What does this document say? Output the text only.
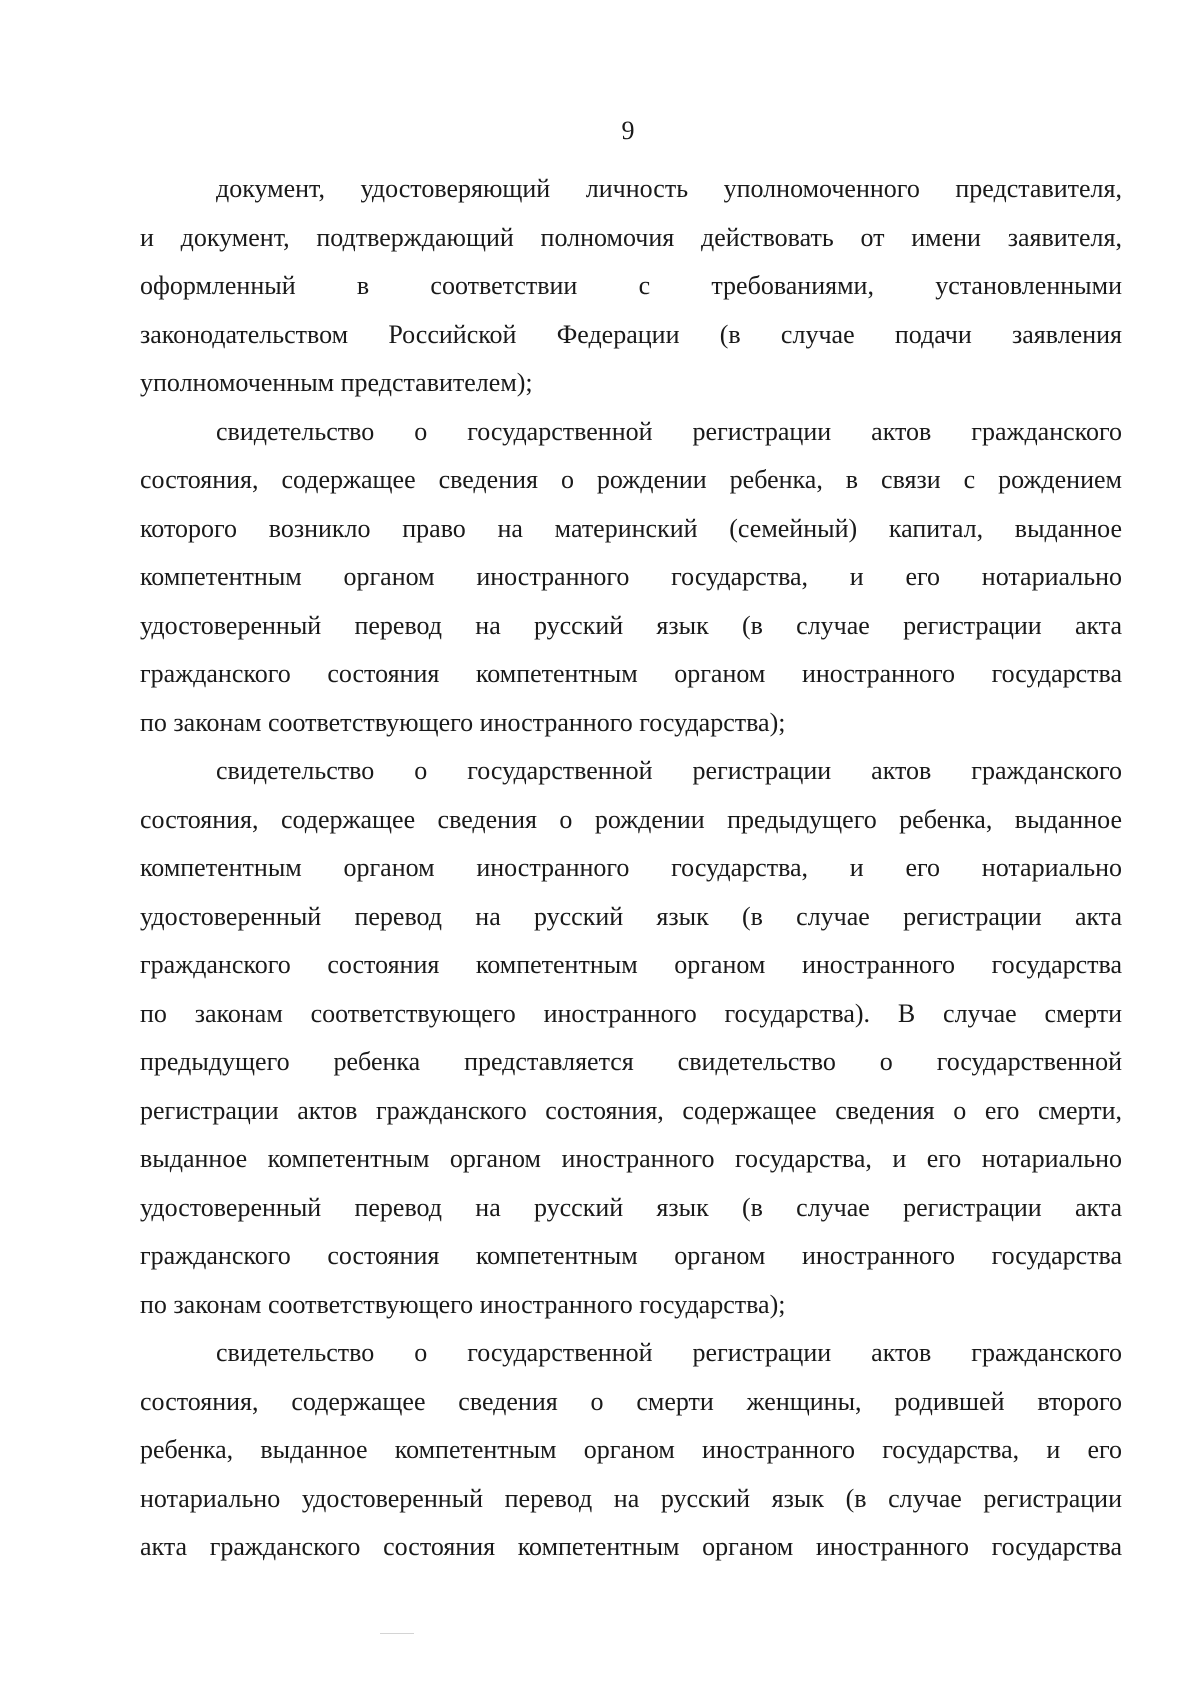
9
документ, удостоверяющий личность уполномоченного представителя,
и документ, подтверждающий полномочия действовать от имени заявителя,
оформленный в соответствии с требованиями, установленными
законодательством Российской Федерации (в случае подачи заявления
уполномоченным представителем);
свидетельство о государственной регистрации актов гражданского
состояния, содержащее сведения о рождении ребенка, в связи с рождением
которого возникло право на материнский (семейный) капитал, выданное
компетентным органом иностранного государства, и его нотариально
удостоверенный перевод на русский язык (в случае регистрации акта
гражданского состояния компетентным органом иностранного государства
по законам соответствующего иностранного государства);
свидетельство о государственной регистрации актов гражданского
состояния, содержащее сведения о рождении предыдущего ребенка, выданное
компетентным органом иностранного государства, и его нотариально
удостоверенный перевод на русский язык (в случае регистрации акта
гражданского состояния компетентным органом иностранного государства
по законам соответствующего иностранного государства). В случае смерти
предыдущего ребенка представляется свидетельство о государственной
регистрации актов гражданского состояния, содержащее сведения о его смерти,
выданное компетентным органом иностранного государства, и его нотариально
удостоверенный перевод на русский язык (в случае регистрации акта
гражданского состояния компетентным органом иностранного государства
по законам соответствующего иностранного государства);
свидетельство о государственной регистрации актов гражданского
состояния, содержащее сведения о смерти женщины, родившей второго
ребенка, выданное компетентным органом иностранного государства, и его
нотариально удостоверенный перевод на русский язык (в случае регистрации
акта гражданского состояния компетентным органом иностранного государства
